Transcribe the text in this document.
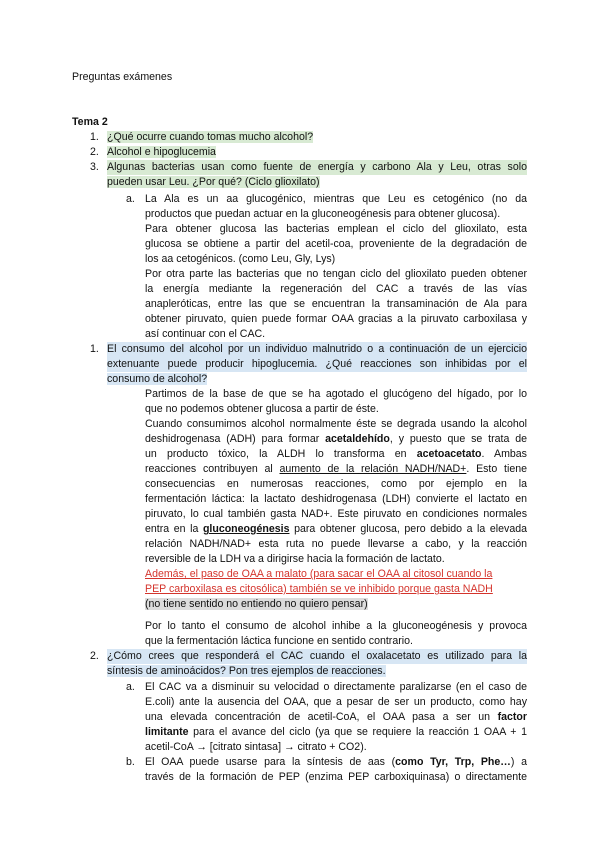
Preguntas exámenes
Tema 2
1. ¿Qué ocurre cuando tomas mucho alcohol?
2. Alcohol e hipoglucemia
3. Algunas bacterias usan como fuente de energía y carbono Ala y Leu, otras solo
pueden usar Leu. ¿Por qué? (Ciclo glioxilato)
a. La Ala es un aa glucogénico, mientras que Leu es cetogénico (no da
productos que puedan actuar en la gluconeogénesis para obtener glucosa).
Para obtener glucosa las bacterias emplean el ciclo del glioxilato, esta
glucosa se obtiene a partir del acetil-coa, proveniente de la degradación de
los aa cetogénicos. (como Leu, Gly, Lys)
Por otra parte las bacterias que no tengan ciclo del glioxilato pueden obtener
la energía mediante la regeneración del CAC a través de las vías
anapleróticas, entre las que se encuentran la transaminación de Ala para
obtener piruvato, quien puede formar OAA gracias a la piruvato carboxilasa y
así continuar con el CAC.
1. El consumo del alcohol por un individuo malnutrido o a continuación de un ejercicio
extenuante puede producir hipoglucemia. ¿Qué reacciones son inhibidas por el
consumo de alcohol?
Partimos de la base de que se ha agotado el glucógeno del hígado, por lo
que no podemos obtener glucosa a partir de éste.
Cuando consumimos alcohol normalmente éste se degrada usando la alcohol
deshidrogenasa (ADH) para formar acetaldehído, y puesto que se trata de
un producto tóxico, la ALDH lo transforma en acetoacetato. Ambas
reacciones contribuyen al aumento de la relación NADH/NAD+. Esto tiene
consecuencias en numerosas reacciones, como por ejemplo en la
fermentación láctica: la lactato deshidrogenasa (LDH) convierte el lactato en
piruvato, lo cual también gasta NAD+. Este piruvato en condiciones normales
entra en la gluconeogénesis para obtener glucosa, pero debido a la elevada
relación NADH/NAD+ esta ruta no puede llevarse a cabo, y la reacción
reversible de la LDH va a dirigirse hacia la formación de lactato.
Además, el paso de OAA a malato (para sacar el OAA al citosol cuando la
PEP carboxilasa es citosólica) también se ve inhibido porque gasta NADH
(no tiene sentido no entiendo no quiero pensar)
Por lo tanto el consumo de alcohol inhibe a la gluconeogénesis y provoca
que la fermentación láctica funcione en sentido contrario.
2. ¿Cómo crees que responderá el CAC cuando el oxalacetato es utilizado para la
síntesis de aminoácidos? Pon tres ejemplos de reacciones.
a. El CAC va a disminuir su velocidad o directamente paralizarse (en el caso de
E.coli) ante la ausencia del OAA, que a pesar de ser un producto, como hay
una elevada concentración de acetil-CoA, el OAA pasa a ser un factor
limitante para el avance del ciclo (ya que se requiere la reacción 1 OAA + 1
acetil-CoA → [citrato sintasa] → citrato + CO2).
b. El OAA puede usarse para la síntesis de aas (como Tyr, Trp, Phe…) a
través de la formación de PEP (enzima PEP carboxiquinasa) o directamente
